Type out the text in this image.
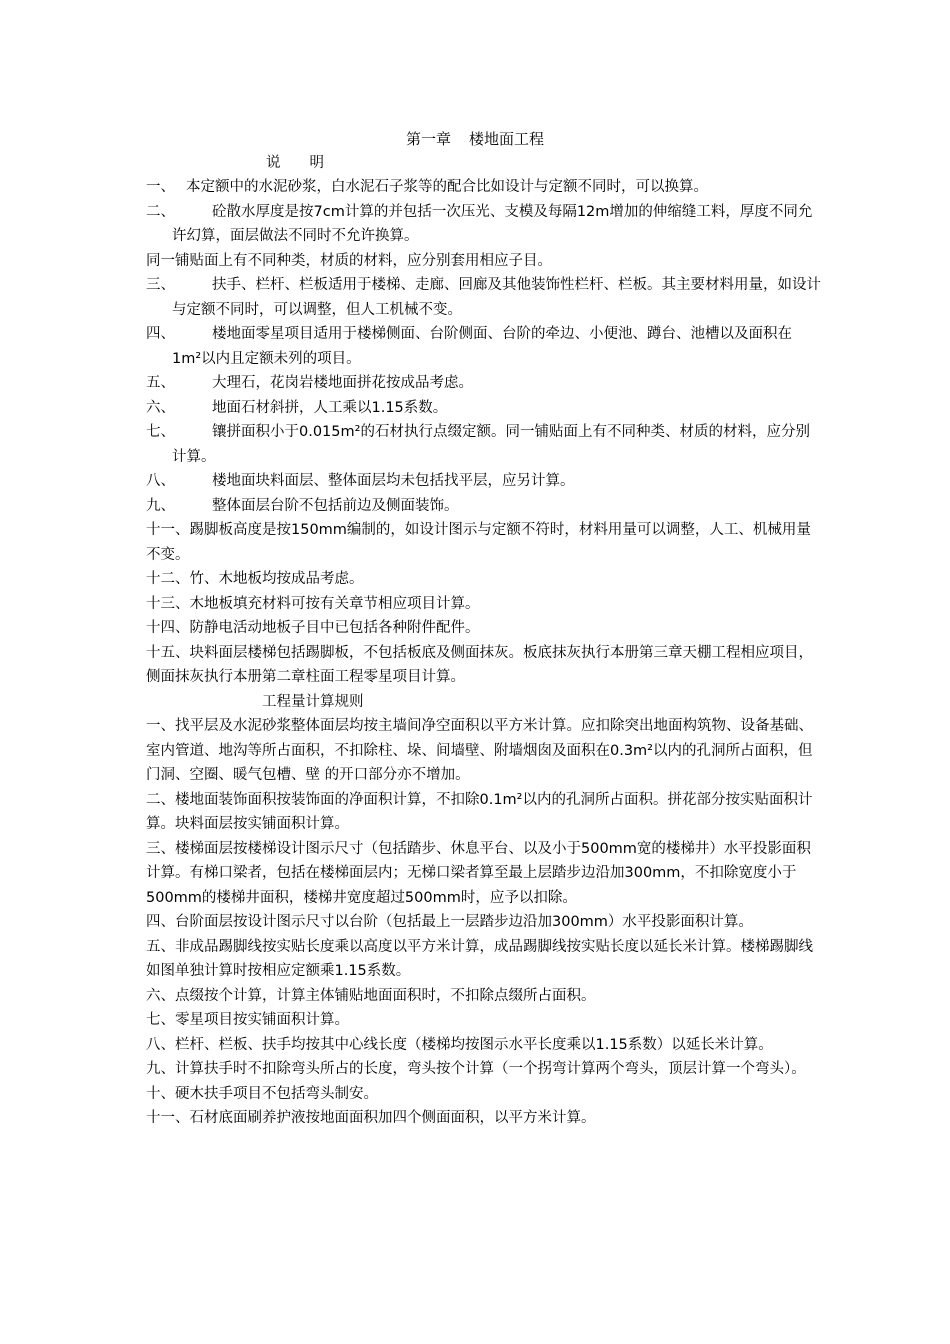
第一章 楼地面工程
说　　明
一、 本定额中的水泥砂浆，白水泥石子浆等的配合比如设计与定额不同时，可以换算。
二、	砼散水厚度是按7cm计算的并包括一次压光、支模及每隔12m增加的伸缩缝工料，厚度不同允许幻算，面层做法不同时不允许换算。
同一铺贴面上有不同种类，材质的材料，应分别套用相应子目。
三、	扶手、栏杆、栏板适用于楼梯、走廊、回廊及其他装饰性栏杆、栏板。其主要材料用量，如设计与定额不同时，可以调整，但人工机械不变。
四、	楼地面零星项目适用于楼梯侧面、台阶侧面、台阶的牵边、小便池、蹲台、池槽以及面积在1m²以内且定额未列的项目。
五、	大理石，花岗岩楼地面拼花按成品考虑。
六、	地面石材斜拼，人工乘以1.15系数。
七、	镶拼面积小于0.015m²的石材执行点缀定额。同一铺贴面上有不同种类、材质的材料，应分别计算。
八、	楼地面块料面层、整体面层均未包括找平层，应另计算。
九、	整体面层台阶不包括前边及侧面装饰。
十一、踢脚板高度是按150mm编制的，如设计图示与定额不符时，材料用量可以调整，人工、机械用量不变。
十二、竹、木地板均按成品考虑。
十三、木地板填充材料可按有关章节相应项目计算。
十四、防静电活动地板子目中已包括各种附件配件。
十五、块料面层楼梯包括踢脚板，不包括板底及侧面抹灰。板底抹灰执行本册第三章天棚工程相应项目，侧面抹灰执行本册第二章柱面工程零星项目计算。
工程量计算规则
一、找平层及水泥砂浆整体面层均按主墙间净空面积以平方米计算。应扣除突出地面构筑物、设备基础、室内管道、地沟等所占面积，不扣除柱、垛、间墙壁、附墙烟囱及面积在0.3m²以内的孔洞所占面积，但门洞、空圈、暖气包槽、壁 的开口部分亦不增加。
二、楼地面装饰面积按装饰面的净面积计算，不扣除0.1m²以内的孔洞所占面积。拼花部分按实贴面积计算。块料面层按实铺面积计算。
三、楼梯面层按楼梯设计图示尺寸（包括踏步、休息平台、以及小于500mm宽的楼梯井）水平投影面积计算。有梯口梁者，包括在楼梯面层内；无梯口梁者算至最上层踏步边沿加300mm，不扣除宽度小于500mm的楼梯井面积，楼梯井宽度超过500mm时，应予以扣除。
四、台阶面层按设计图示尺寸以台阶（包括最上一层踏步边沿加300mm）水平投影面积计算。
五、非成品踢脚线按实贴长度乘以高度以平方米计算，成品踢脚线按实贴长度以延长米计算。楼梯踢脚线如图单独计算时按相应定额乘1.15系数。
六、点缀按个计算，计算主体铺贴地面面积时，不扣除点缀所占面积。
七、零星项目按实铺面积计算。
八、栏杆、栏板、扶手均按其中心线长度（楼梯均按图示水平长度乘以1.15系数）以延长米计算。
九、计算扶手时不扣除弯头所占的长度，弯头按个计算（一个拐弯计算两个弯头，顶层计算一个弯头）。
十、硬木扶手项目不包括弯头制安。
十一、石材底面刷养护液按地面面积加四个侧面面积，以平方米计算。
